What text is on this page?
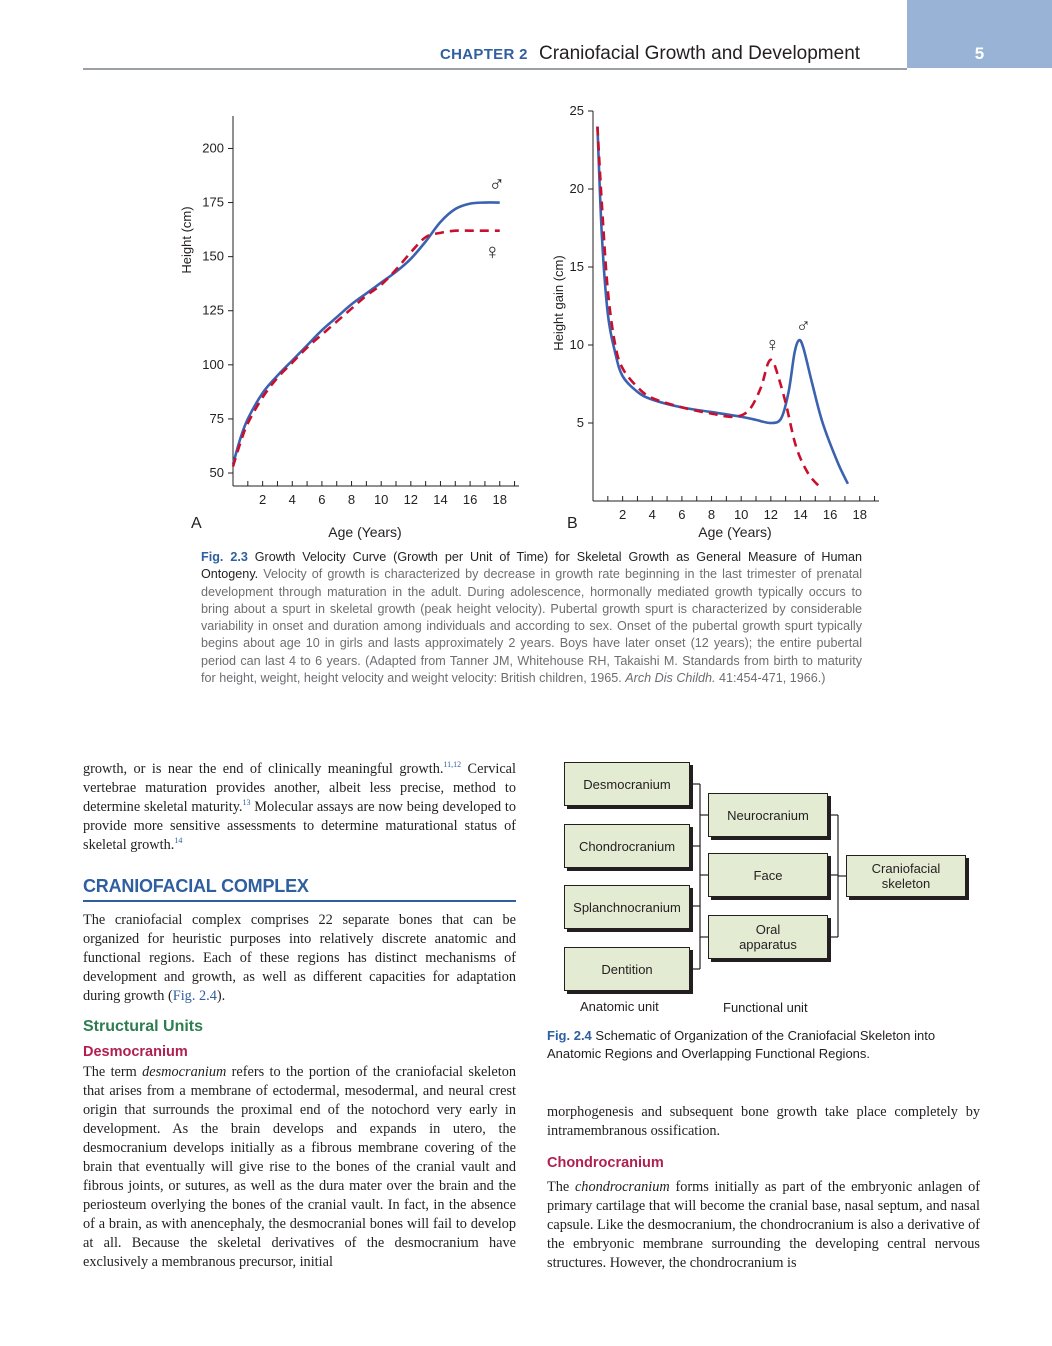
5
CHAPTER 2 Craniofacial Growth and Development
2 4 6 8 10 12 14 16 18
50
75
100
125
150
175
200
♂
♀
Height (cm)
Age (Years)
A
2 4 6 8 10 12 14 16 18
5
10
15
20
25
♂
♀
Height gain (cm)
Age (Years)
B
Fig. 2.3 Growth Velocity Curve (Growth per Unit of Time) for Skeletal Growth as General Measure of Human Ontogeny. Velocity of growth is characterized by decrease in growth rate beginning in the last trimester of prenatal development through maturation in the adult. During adolescence, hormonally mediated growth typically occurs to bring about a spurt in skeletal growth (peak height velocity). Pubertal growth spurt is characterized by considerable variability in onset and duration among individuals and according to sex. Onset of the pubertal growth spurt typically begins about age 10 in girls and lasts approximately 2 years. Boys have later onset (12 years); the entire pubertal period can last 4 to 6 years. (Adapted from Tanner JM, Whitehouse RH, Takaishi M. Standards from birth to maturity for height, weight, height velocity and weight velocity: British children, 1965. Arch Dis Childh. 41:454-471, 1966.)

growth, or is near the end of clinically meaningful growth.$^{11,12}$ Cervical vertebrae maturation provides another, albeit less precise, method to determine skeletal maturity.$^{13}$ Molecular assays are now being developed to provide more sensitive assessments to determine maturational status of skeletal growth.$^{14}$

CRANIOFACIAL COMPLEX

The craniofacial complex comprises 22 separate bones that can be organized for heuristic purposes into relatively discrete anatomic and functional regions. Each of these regions has distinct mechanisms of development and growth, as well as different capacities for adaptation during growth (Fig. 2.4).

Structural Units
Desmocranium

The term desmocranium refers to the portion of the craniofacial skeleton that arises from a membrane of ectodermal, mesodermal, and neural crest origin that surrounds the proximal end of the notochord very early in development. As the brain develops and expands in utero, the desmocranium develops initially as a fibrous membrane covering of the brain that eventually will give rise to the bones of the cranial vault and fibrous joints, or sutures, as well as the dura mater over the brain and the periosteum overlying the bones of the cranial vault. In fact, in the absence of a brain, as with anencephaly, the desmocranial bones will fail to develop at all. Because the skeletal derivatives of the desmocranium have exclusively a membranous precursor, initial

Desmocranium
Chondrocranium
Splanchnocranium
Dentition
Neurocranium
Face
Oral
apparatus
Craniofacial
skeleton
Anatomic unit	Functional unit
Fig. 2.4 Schematic of Organization of the Craniofacial Skeleton into Anatomic Regions and Overlapping Functional Regions.
morphogenesis and subsequent bone growth take place completely by intramembranous ossification.
Chondrocranium

The chondrocranium forms initially as part of the embryonic anlagen of primary cartilage that will become the cranial base, nasal septum, and nasal capsule. Like the desmocranium, the chondrocranium is also a derivative of the embryonic membrane surrounding the developing central nervous structures. However, the chondrocranium is
